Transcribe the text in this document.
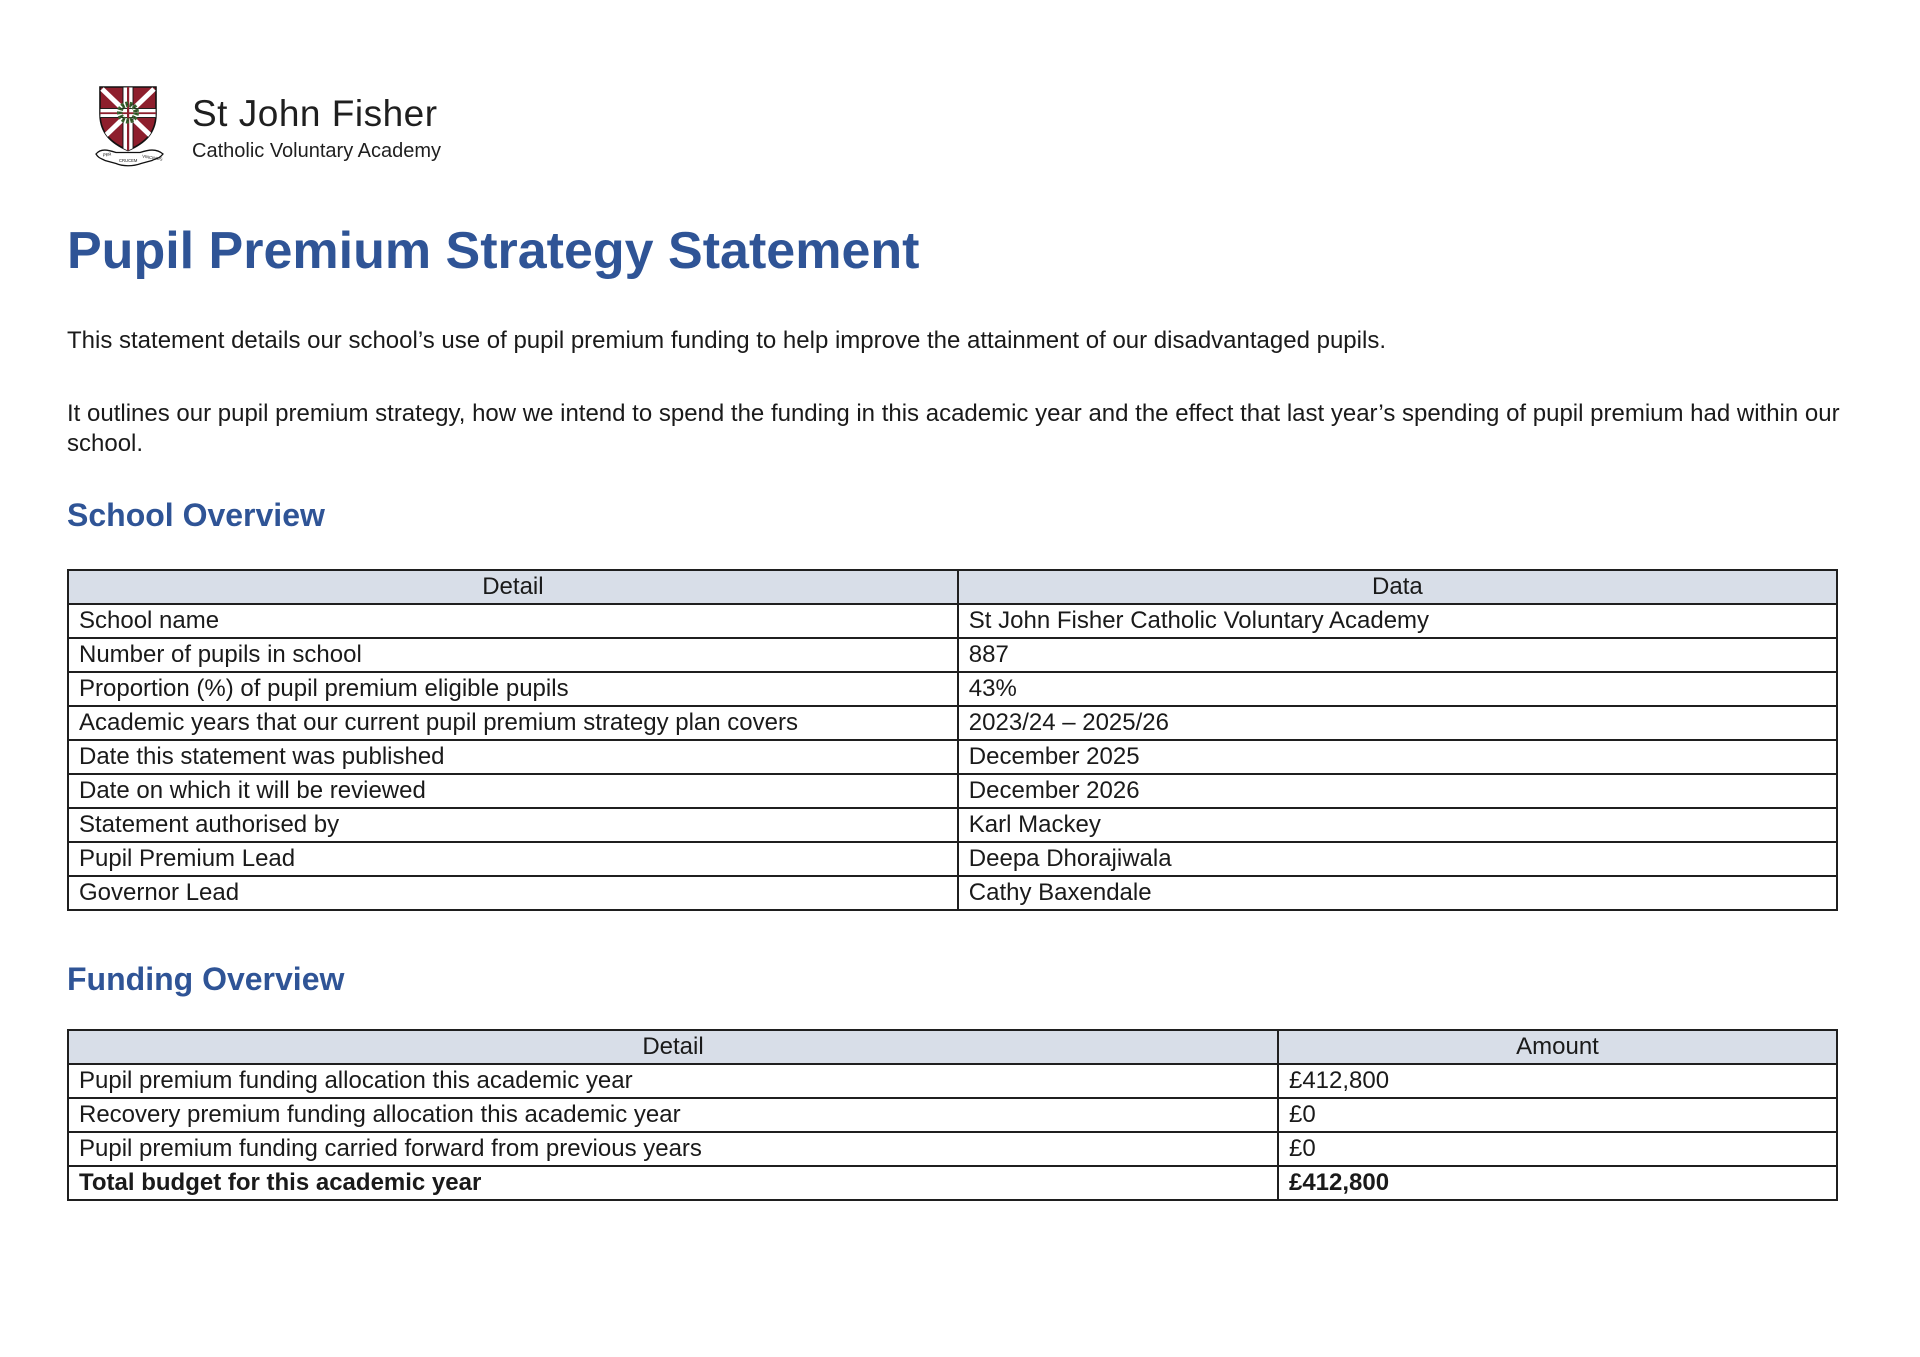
PER
CRUCEM VINCIMUS
St John Fisher
Catholic Voluntary Academy
Pupil Premium Strategy Statement

This statement details our school’s use of pupil premium funding to help improve the attainment of our disadvantaged pupils.

It outlines our pupil premium strategy, how we intend to spend the funding in this academic year and the effect that last year’s spending of pupil premium had within our school.

School Overview
Detail	Data
School name	St John Fisher Catholic Voluntary Academy
Number of pupils in school	887
Proportion (%) of pupil premium eligible pupils	43%
Academic years that our current pupil premium strategy plan covers	2023/24 – 2025/26
Date this statement was published	December 2025
Date on which it will be reviewed	December 2026
Statement authorised by	Karl Mackey
Pupil Premium Lead	Deepa Dhorajiwala
Governor Lead	Cathy Baxendale
Funding Overview
Detail	Amount
Pupil premium funding allocation this academic year	£412,800
Recovery premium funding allocation this academic year	£0
Pupil premium funding carried forward from previous years	£0
Total budget for this academic year	£412,800
